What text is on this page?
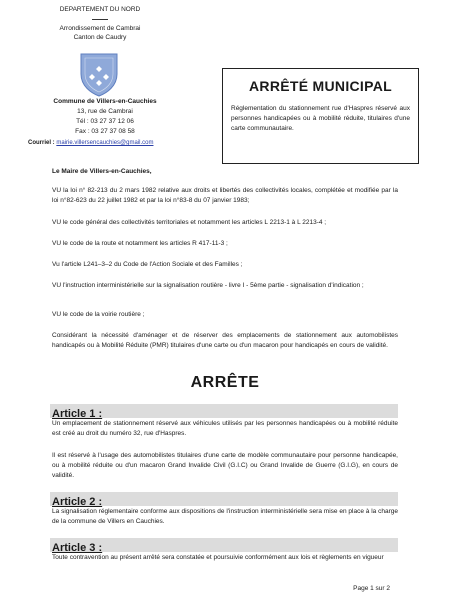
DEPARTEMENT DU NORD
Arrondissement de Cambrai
Canton de Caudry
Commune de Villers-en-Cauchies
13, rue de Cambrai
Tél : 03 27 37 12 06
Fax : 03 27 37 08 58
Courriel : mairie.villersencauchies@gmail.com
ARRÊTÉ MUNICIPAL
Réglementation du stationnement rue d'Haspres réservé aux personnes handicapées ou à mobilité réduite, titulaires d'une carte communautaire.

Le Maire de Villers-en-Cauchies,

VU la loi n° 82-213 du 2 mars 1982 relative aux droits et libertés des collectivités locales, complétée et modifiée par la loi n°82-623 du 22 juillet 1982 et par la loi n°83-8 du 07 janvier 1983;

VU le code général des collectivités territoriales et notamment les articles L 2213-1 à L 2213-4 ;

VU le code de la route et notamment les articles R 417-11-3 ;

Vu l'article L241–3–2 du Code de l'Action Sociale et des Familles ;

VU l'instruction interministérielle sur la signalisation routière - livre I - 5ème partie - signalisation d'indication ;

VU le code de la voirie routière ;

Considérant la nécessité d'aménager et de réserver des emplacements de stationnement aux automobilistes handicapés ou à Mobilité Réduite (PMR) titulaires d'une carte ou d'un macaron pour handicapés en cours de validité.

ARRÊTE
Article 1 :

Un emplacement de stationnement réservé aux véhicules utilisés par les personnes handicapées ou à mobilité réduite est créé au droit du numéro 32, rue d'Haspres.

Il est réservé à l'usage des automobilistes titulaires d'une carte de modèle communautaire pour personne handicapée, ou à mobilité réduite ou d'un macaron Grand Invalide Civil (G.I.C) ou Grand Invalide de Guerre (G.I.G), en cours de validité.

Article 2 :

La signalisation réglementaire conforme aux dispositions de l'instruction interministérielle sera mise en place à la charge de la commune de Villers en Cauchies.

Article 3 :

Toute contravention au présent arrêté sera constatée et poursuivie conformément aux lois et règlements en vigueur

Page 1 sur 2
